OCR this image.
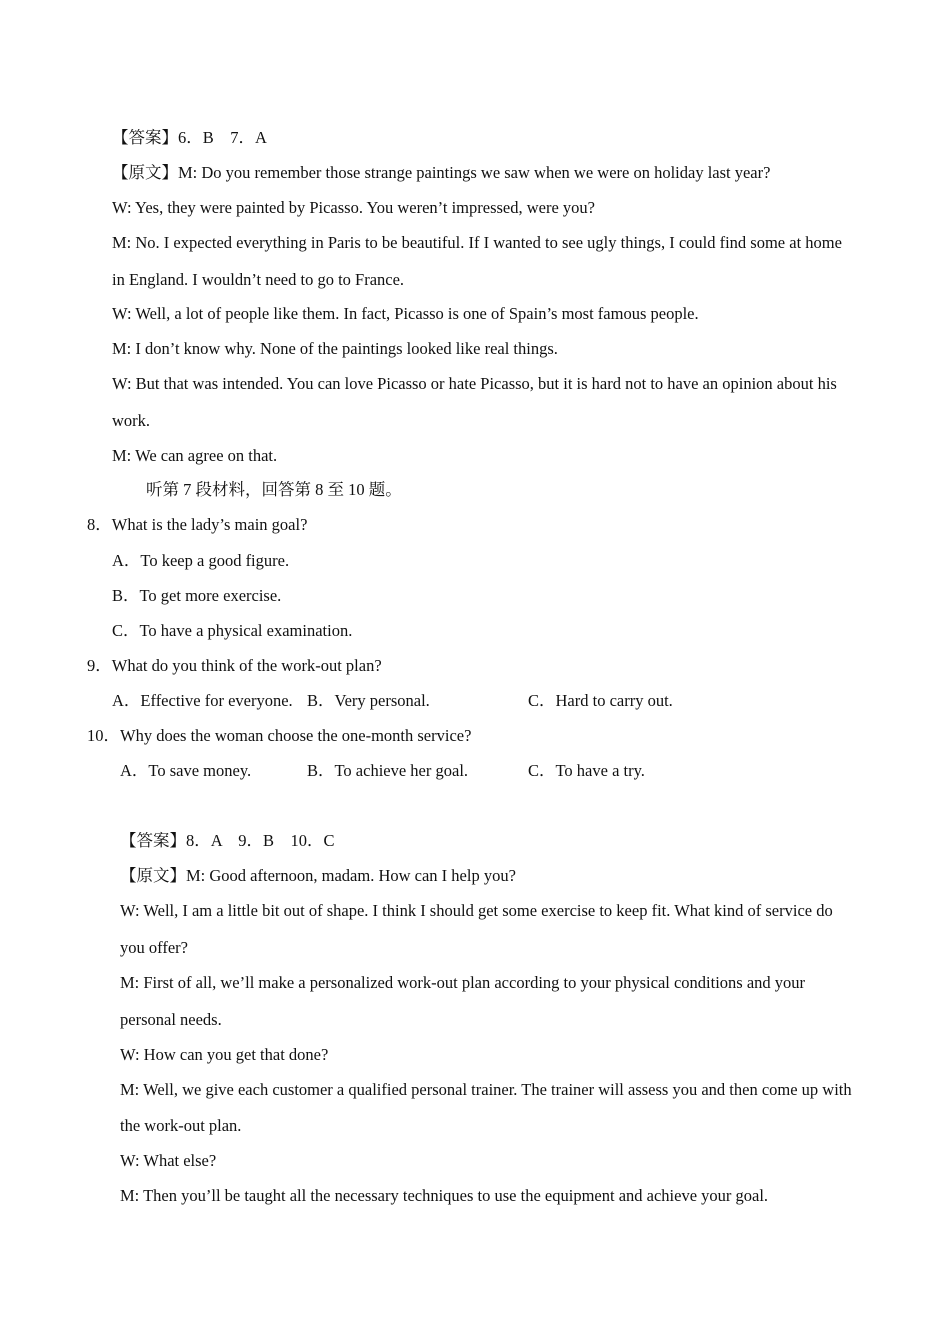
【答案】6．B　7．A
【原文】M: Do you remember those strange paintings we saw when we were on holiday last year?
W: Yes, they were painted by Picasso. You weren’t impressed, were you?
M: No. I expected everything in Paris to be beautiful. If I wanted to see ugly things, I could find some at home
in England. I wouldn’t need to go to France.
W: Well, a lot of people like them. In fact, Picasso is one of Spain’s most famous people.
M: I don’t know why. None of the paintings looked like real things.
W: But that was intended. You can love Picasso or hate Picasso, but it is hard not to have an opinion about his
work.
M: We can agree on that.
听第 7 段材料，回答第 8 至 10 题。
8．What is the lady’s main goal?
A．To keep a good figure.
B．To get more exercise.
C．To have a physical examination.
9．What do you think of the work-out plan?
A．Effective for everyone. B．Very personal.	C．Hard to carry out.
10．Why does the woman choose the one-month service?
A．To save money.	B．To achieve her goal.	C．To have a try.
【答案】8．A　9．B　10．C
【原文】M: Good afternoon, madam. How can I help you?
W: Well, I am a little bit out of shape. I think I should get some exercise to keep fit. What kind of service do
you offer?
M: First of all, we’ll make a personalized work-out plan according to your physical conditions and your
personal needs.
W: How can you get that done?
M: Well, we give each customer a qualified personal trainer. The trainer will assess you and then come up with
the work-out plan.
W: What else?
M: Then you’ll be taught all the necessary techniques to use the equipment and achieve your goal.
